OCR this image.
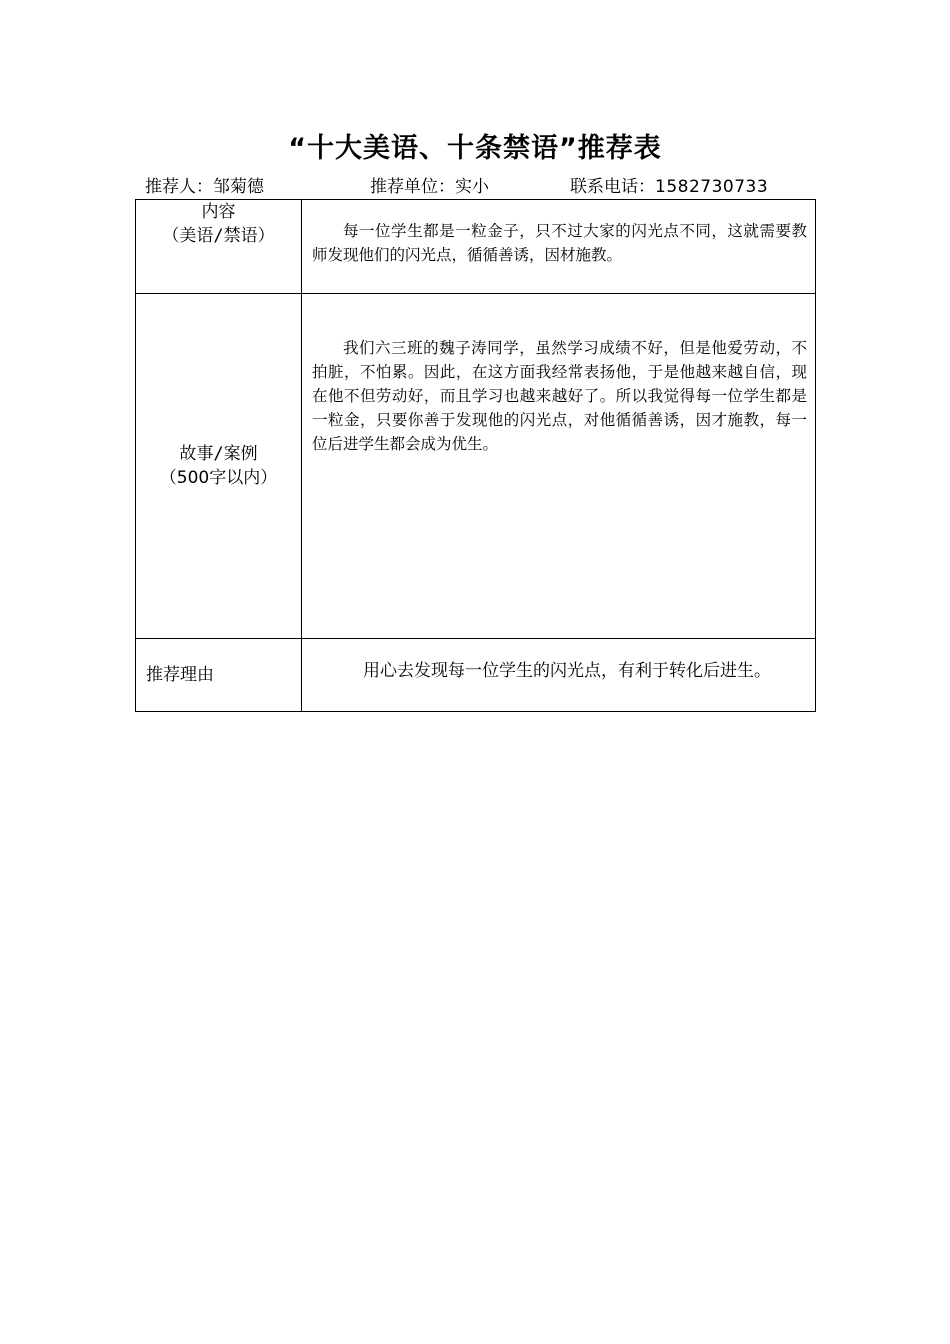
“十大美语、十条禁语”推荐表
推荐人：邹菊德	推荐单位：实小	联系电话：1582730733
内容
（美语/禁语）	每一位学生都是一粒金子，只不过大家的闪光点不同，这就需要教师发现他们的闪光点，循循善诱，因材施教。

故事/案例
（500字以内）	我们六三班的魏子涛同学，虽然学习成绩不好，但是他爱劳动，不拍脏，不怕累。因此，在这方面我经常表扬他，于是他越来越自信，现在他不但劳动好，而且学习也越来越好了。所以我觉得每一位学生都是一粒金，只要你善于发现他的闪光点，对他循循善诱，因才施教，每一位后进学生都会成为优生。

推荐理由	用心去发现每一位学生的闪光点，有利于转化后进生。
